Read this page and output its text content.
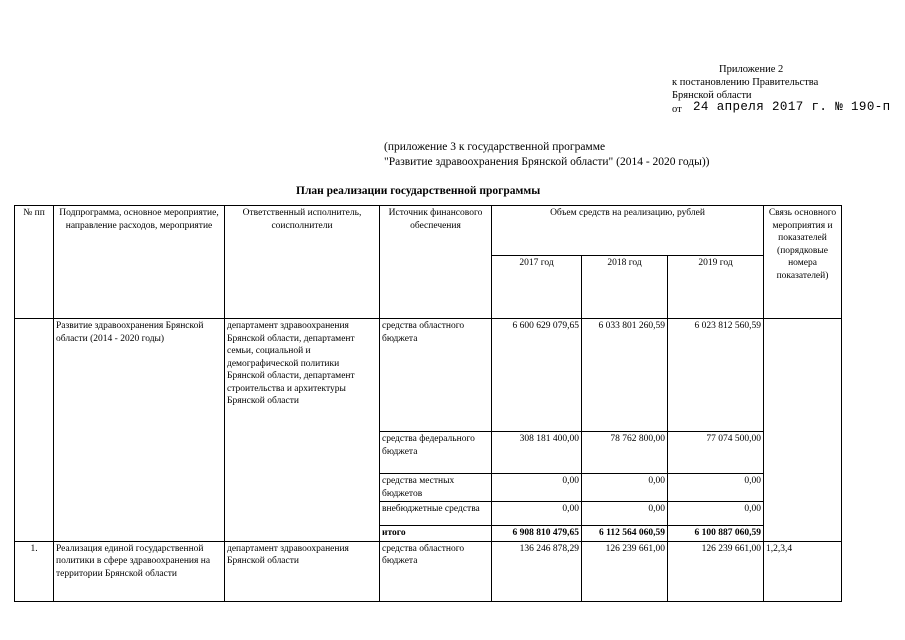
Приложение 2
к постановлению Правительства
Брянской области
от 24 апреля 2017 г. № 190-п
(приложение 3 к государственной программе
"Развитие здравоохранения Брянской области" (2014 - 2020 годы))
План реализации государственной программы
№ пп	Подпрограмма, основное мероприятие, направление расходов, мероприятие	Ответственный исполнитель, соисполнители	Источник финансового обеспечения	Объем средств на реализацию, рублей			Связь основного мероприятия и показателей (порядковые номера показателей)
				2017 год	2018 год	2019 год	
	Развитие здравоохранения Брянской области (2014 - 2020 годы)	департамент здравоохранения Брянской области, департамент семьи, социальной и демографической политики Брянской области, департамент строительства и архитектуры Брянской области	средства областного бюджета	6 600 629 079,65	6 033 801 260,59	6 023 812 560,59	
			средства федерального бюджета	308 181 400,00	78 762 800,00	77 074 500,00	
			средства местных бюджетов	0,00	0,00	0,00	
			внебюджетные средства	0,00	0,00	0,00	
			итого	6 908 810 479,65	6 112 564 060,59	6 100 887 060,59	
1.	Реализация единой государственной политики в сфере здравоохранения на территории Брянской области	департамент здравоохранения Брянской области	средства областного бюджета	136 246 878,29	126 239 661,00	126 239 661,00	1,2,3,4
